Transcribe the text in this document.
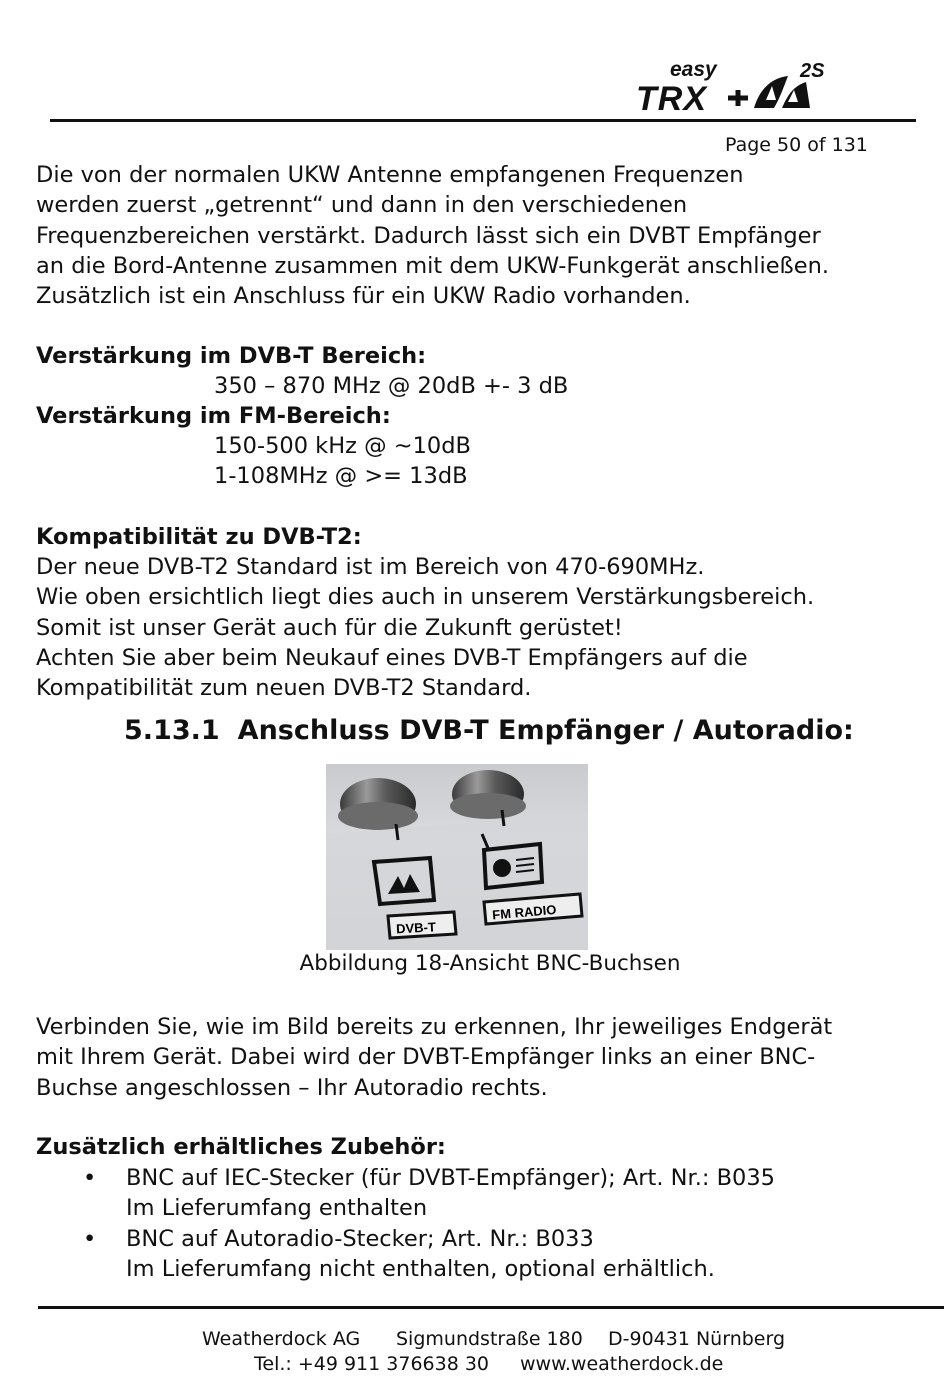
easy	2S
TRX
Page 50 of 131
Die von der normalen UKW Antenne empfangenen Frequenzen
werden zuerst „getrennt“ und dann in den verschiedenen
Frequenzbereichen verstärkt. Dadurch lässt sich ein DVBT Empfänger
an die Bord-Antenne zusammen mit dem UKW-Funkgerät anschließen.
Zusätzlich ist ein Anschluss für ein UKW Radio vorhanden.
Verstärkung im DVB-T Bereich:
350 – 870 MHz @ 20dB +- 3 dB
Verstärkung im FM-Bereich:
150-500 kHz @ ~10dB
1-108MHz @ >= 13dB
Kompatibilität zu DVB-T2:
Der neue DVB-T2 Standard ist im Bereich von 470-690MHz.
Wie oben ersichtlich liegt dies auch in unserem Verstärkungsbereich.
Somit ist unser Gerät auch für die Zukunft gerüstet!
Achten Sie aber beim Neukauf eines DVB-T Empfängers auf die
Kompatibilität zum neuen DVB-T2 Standard.
5.13.1 Anschluss DVB-T Empfänger / Autoradio:
DVB-T
FM RADIO
Abbildung 18-Ansicht BNC-Buchsen
Verbinden Sie, wie im Bild bereits zu erkennen, Ihr jeweiliges Endgerät
mit Ihrem Gerät. Dabei wird der DVBT-Empfänger links an einer BNC-
Buchse angeschlossen – Ihr Autoradio rechts.
Zusätzlich erhältliches Zubehör:
• BNC auf IEC-Stecker (für DVBT-Empfänger); Art. Nr.: B035
Im Lieferumfang enthalten
• BNC auf Autoradio-Stecker; Art. Nr.: B033
Im Lieferumfang nicht enthalten, optional erhältlich.
Weatherdock AG Sigmundstraße 180 D-90431 Nürnberg
Tel.: +49 911 376638 30 www.weatherdock.de
